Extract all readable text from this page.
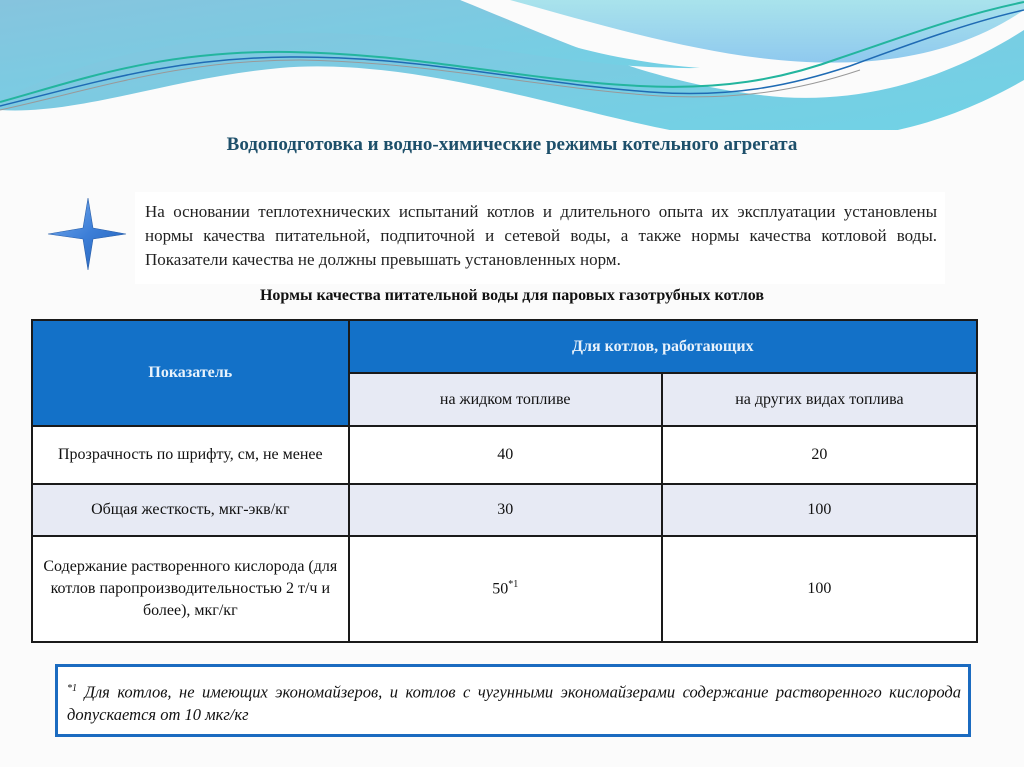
Водоподготовка и водно-химические режимы котельного агрегата
На основании теплотехнических испытаний котлов и длительного опыта их эксплуатации установлены нормы качества питательной, подпиточной и сетевой воды, а также нормы качества котловой воды. Показатели качества не должны превышать установленных норм.
Нормы качества питательной воды для паровых газотрубных котлов
Показатель	Для котлов, работающих	
	на жидком топливе	на других видах топлива
Прозрачность по шрифту, см, не менее	40	20
Общая жесткость, мкг-экв/кг	30	100
Содержание растворенного кислорода (для котлов паропроизводительностью 2 т/ч и более), мкг/кг	50$^{*1}$	100
$^{*1}$ Для котлов, не имеющих экономайзеров, и котлов с чугунными экономайзерами содержание растворенного кислорода допускается от 10 мкг/кг
